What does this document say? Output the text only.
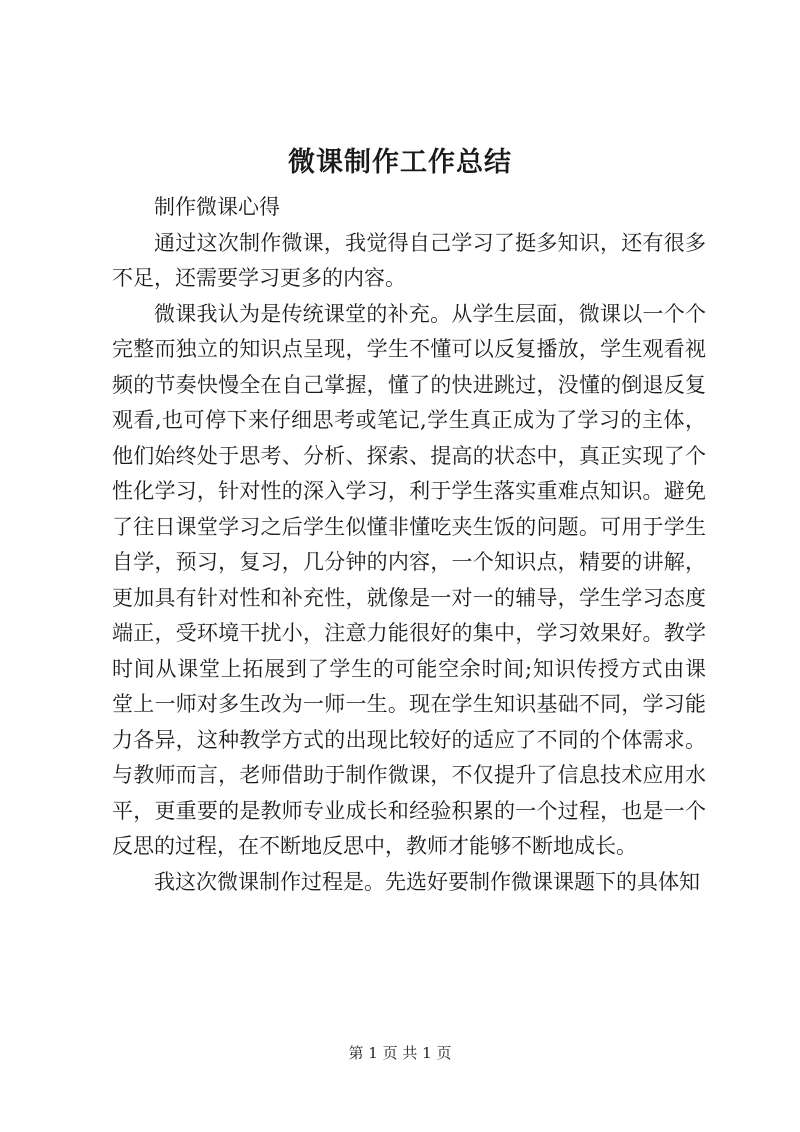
微课制作工作总结

制作微课心得

通过这次制作微课，我觉得自己学习了挺多知识，还有很多不足，还需要学习更多的内容。

微课我认为是传统课堂的补充。从学生层面，微课以一个个完整而独立的知识点呈现，学生不懂可以反复播放，学生观看视频的节奏快慢全在自己掌握，懂了的快进跳过，没懂的倒退反复观看,也可停下来仔细思考或笔记,学生真正成为了学习的主体，他们始终处于思考、分析、探索、提高的状态中，真正实现了个性化学习，针对性的深入学习，利于学生落实重难点知识。避免了往日课堂学习之后学生似懂非懂吃夹生饭的问题。可用于学生自学，预习，复习，几分钟的内容，一个知识点，精要的讲解，更加具有针对性和补充性，就像是一对一的辅导，学生学习态度端正，受环境干扰小，注意力能很好的集中，学习效果好。教学时间从课堂上拓展到了学生的可能空余时间;知识传授方式由课堂上一师对多生改为一师一生。现在学生知识基础不同，学习能力各异，这种教学方式的出现比较好的适应了不同的个体需求。与教师而言，老师借助于制作微课，不仅提升了信息技术应用水平，更重要的是教师专业成长和经验积累的一个过程，也是一个反思的过程，在不断地反思中，教师才能够不断地成长。

我这次微课制作过程是。先选好要制作微课课题下的具体知

第 1 页 共 1 页
